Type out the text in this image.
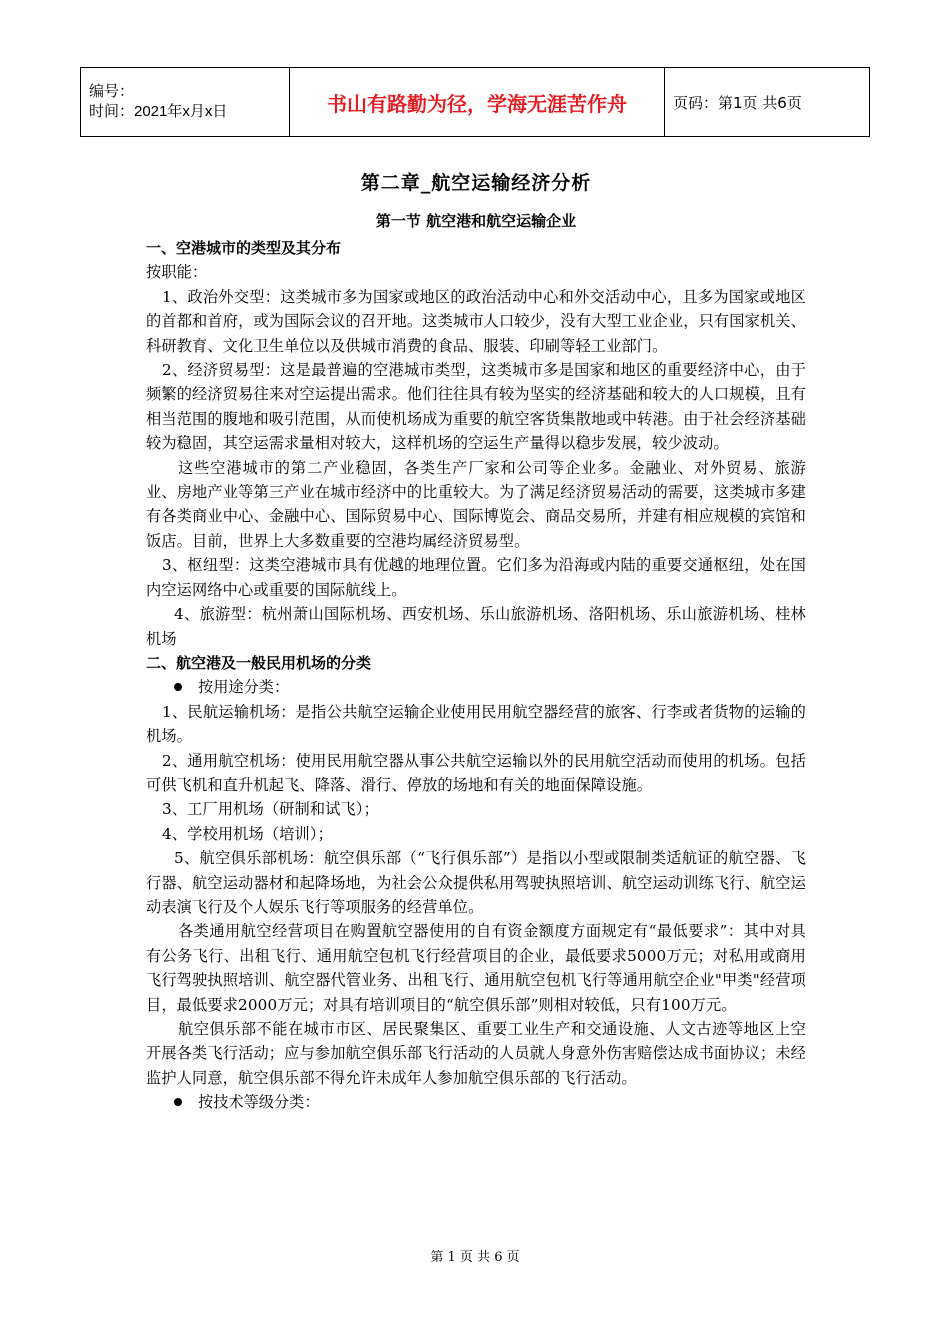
编号：
时间：2021年x月x日	书山有路勤为径，学海无涯苦作舟	页码：第1页 共6页
第二章_航空运输经济分析
第一节 航空港和航空运输企业
一、空港城市的类型及其分布
按职能：
1、政治外交型：这类城市多为国家或地区的政治活动中心和外交活动中心，且多为国家或地区的首都和首府，或为国际会议的召开地。这类城市人口较少，没有大型工业企业，只有国家机关、科研教育、文化卫生单位以及供城市消费的食品、服装、印刷等轻工业部门。
2、经济贸易型：这是最普遍的空港城市类型，这类城市多是国家和地区的重要经济中心，由于频繁的经济贸易往来对空运提出需求。他们往往具有较为坚实的经济基础和较大的人口规模，且有相当范围的腹地和吸引范围，从而使机场成为重要的航空客货集散地或中转港。由于社会经济基础较为稳固，其空运需求量相对较大，这样机场的空运生产量得以稳步发展，较少波动。
这些空港城市的第二产业稳固，各类生产厂家和公司等企业多。金融业、对外贸易、旅游业、房地产业等第三产业在城市经济中的比重较大。为了满足经济贸易活动的需要，这类城市多建有各类商业中心、金融中心、国际贸易中心、国际博览会、商品交易所，并建有相应规模的宾馆和饭店。目前，世界上大多数重要的空港均属经济贸易型。
3、枢纽型：这类空港城市具有优越的地理位置。它们多为沿海或内陆的重要交通枢纽，处在国内空运网络中心或重要的国际航线上。
4、旅游型：杭州萧山国际机场、西安机场、乐山旅游机场、洛阳机场、乐山旅游机场、桂林机场
二、航空港及一般民用机场的分类
按用途分类：
1、民航运输机场：是指公共航空运输企业使用民用航空器经营的旅客、行李或者货物的运输的机场。
2、通用航空机场：使用民用航空器从事公共航空运输以外的民用航空活动而使用的机场。包括可供飞机和直升机起飞、降落、滑行、停放的场地和有关的地面保障设施。
3、工厂用机场（研制和试飞）；
4、学校用机场（培训）；
5、航空俱乐部机场：航空俱乐部（“飞行俱乐部”）是指以小型或限制类适航证的航空器、飞行器、航空运动器材和起降场地，为社会公众提供私用驾驶执照培训、航空运动训练飞行、航空运动表演飞行及个人娱乐飞行等项服务的经营单位。
各类通用航空经营项目在购置航空器使用的自有资金额度方面规定有“最低要求”：其中对具有公务飞行、出租飞行、通用航空包机飞行经营项目的企业，最低要求5000万元；对私用或商用飞行驾驶执照培训、航空器代管业务、出租飞行、通用航空包机飞行等通用航空企业"甲类"经营项目，最低要求2000万元；对具有培训项目的“航空俱乐部”则相对较低，只有100万元。
航空俱乐部不能在城市市区、居民聚集区、重要工业生产和交通设施、人文古迹等地区上空开展各类飞行活动；应与参加航空俱乐部飞行活动的人员就人身意外伤害赔偿达成书面协议；未经监护人同意，航空俱乐部不得允许未成年人参加航空俱乐部的飞行活动。
按技术等级分类：
第 1 页 共 6 页
